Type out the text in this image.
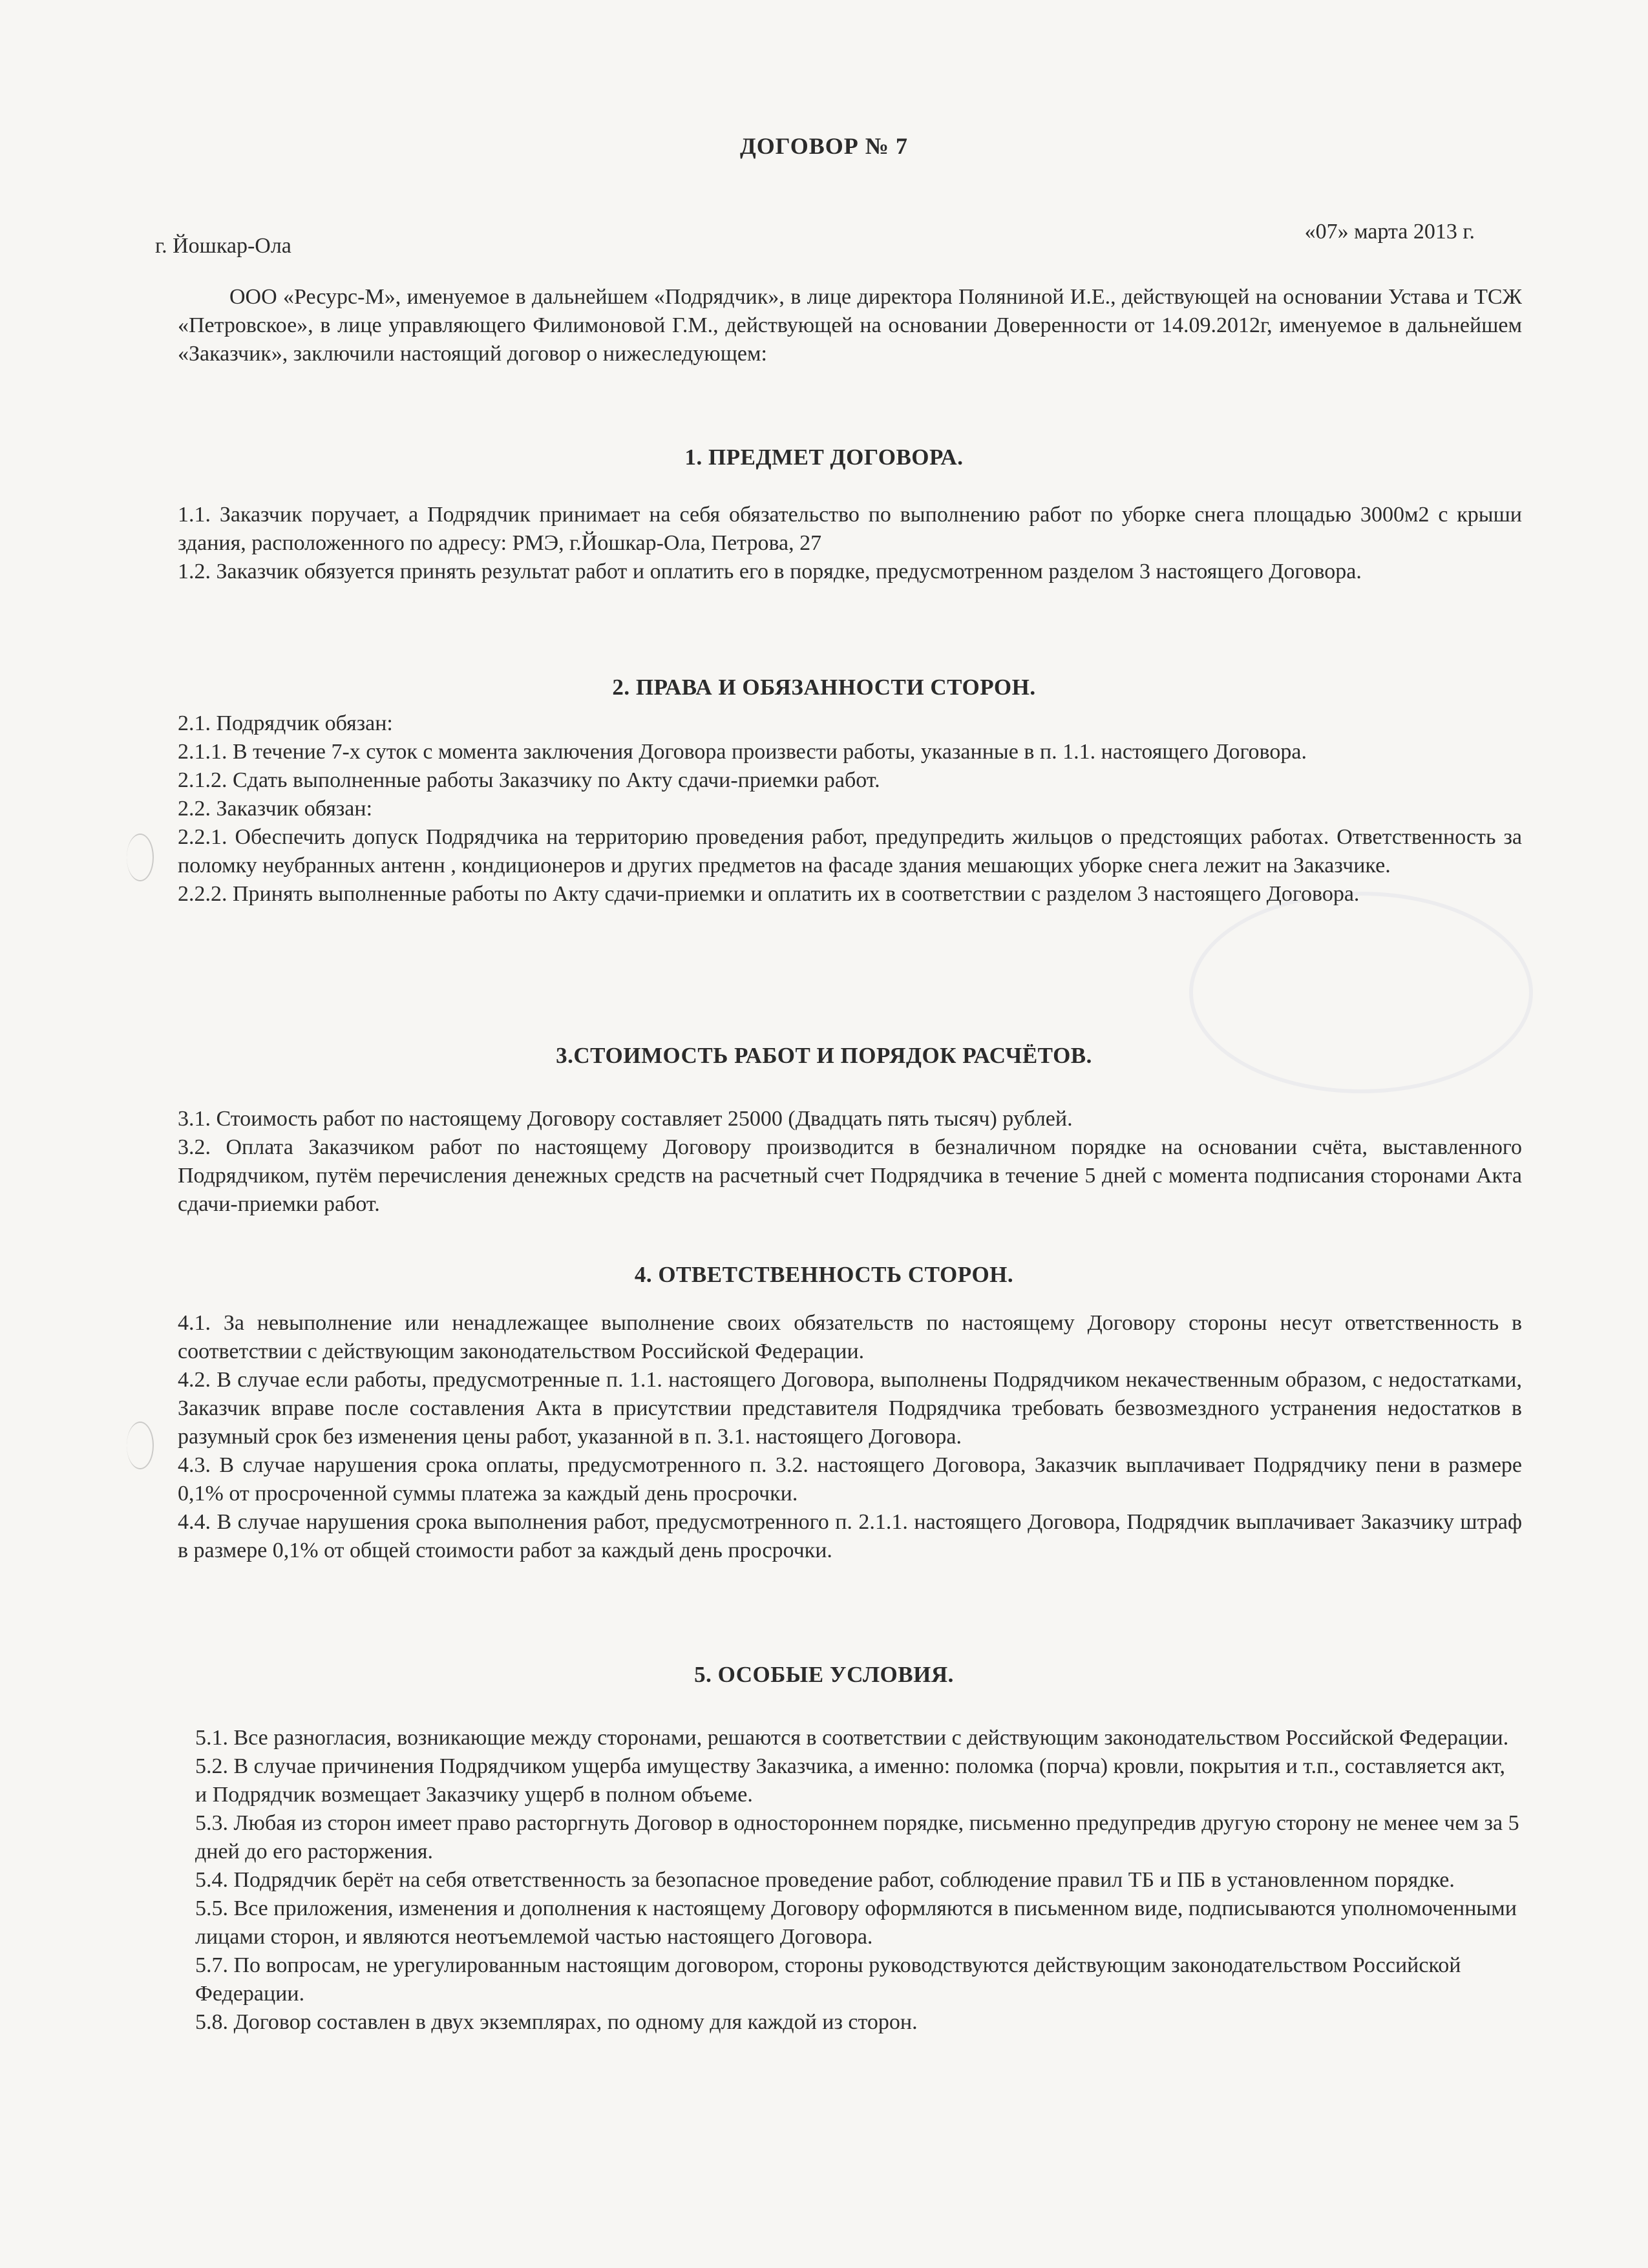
ДОГОВОР № 7
«07» марта 2013 г.
г. Йошкар-Ола

ООО «Ресурс-М», именуемое в дальнейшем «Подрядчик», в лице директора Поляниной И.Е., действующей на основании Устава и ТСЖ «Петровское», в лице управляющего Филимоновой Г.М., действующей на основании Доверенности от 14.09.2012г, именуемое в дальнейшем «Заказчик», заключили настоящий договор о нижеследующем:

1. ПРЕДМЕТ ДОГОВОРА.

1.1. Заказчик поручает, а Подрядчик принимает на себя обязательство по выполнению работ по уборке снега площадью 3000м2 с крыши здания, расположенного по адресу: РМЭ, г.Йошкар-Ола, Петрова, 27

1.2. Заказчик обязуется принять результат работ и оплатить его в порядке, предусмотренном разделом 3 настоящего Договора.

2. ПРАВА И ОБЯЗАННОСТИ СТОРОН.

2.1. Подрядчик обязан:

2.1.1. В течение 7-х суток с момента заключения Договора произвести работы, указанные в п. 1.1. настоящего Договора.

2.1.2. Сдать выполненные работы Заказчику по Акту сдачи-приемки работ.

2.2. Заказчик обязан:

2.2.1. Обеспечить допуск Подрядчика на территорию проведения работ, предупредить жильцов о предстоящих работах. Ответственность за поломку неубранных антенн , кондиционеров и других предметов на фасаде здания мешающих уборке снега лежит на Заказчике.

2.2.2. Принять выполненные работы по Акту сдачи-приемки и оплатить их в соответствии с разделом 3 настоящего Договора.

3.СТОИМОСТЬ РАБОТ И ПОРЯДОК РАСЧЁТОВ.

3.1. Стоимость работ по настоящему Договору составляет 25000 (Двадцать пять тысяч) рублей.

3.2. Оплата Заказчиком работ по настоящему Договору производится в безналичном порядке на основании счёта, выставленного Подрядчиком, путём перечисления денежных средств на расчетный счет Подрядчика в течение 5 дней с момента подписания сторонами Акта сдачи-приемки работ.

4. ОТВЕТСТВЕННОСТЬ СТОРОН.

4.1. За невыполнение или ненадлежащее выполнение своих обязательств по настоящему Договору стороны несут ответственность в соответствии с действующим законодательством Российской Федерации.

4.2. В случае если работы, предусмотренные п. 1.1. настоящего Договора, выполнены Подрядчиком некачественным образом, с недостатками, Заказчик вправе после составления Акта в присутствии представителя Подрядчика требовать безвозмездного устранения недостатков в разумный срок без изменения цены работ, указанной в п. 3.1. настоящего Договора.

4.3. В случае нарушения срока оплаты, предусмотренного п. 3.2. настоящего Договора, Заказчик выплачивает Подрядчику пени в размере 0,1% от просроченной суммы платежа за каждый день просрочки.

4.4. В случае нарушения срока выполнения работ, предусмотренного п. 2.1.1. настоящего Договора, Подрядчик выплачивает Заказчику штраф в размере 0,1% от общей стоимости работ за каждый день просрочки.

5. ОСОБЫЕ УСЛОВИЯ.

5.1. Все разногласия, возникающие между сторонами, решаются в соответствии с действующим законодательством Российской Федерации.

5.2. В случае причинения Подрядчиком ущерба имуществу Заказчика, а именно: поломка (порча) кровли, покрытия и т.п., составляется акт, и Подрядчик возмещает Заказчику ущерб в полном объеме.

5.3. Любая из сторон имеет право расторгнуть Договор в одностороннем порядке, письменно предупредив другую сторону не менее чем за 5 дней до его расторжения.

5.4. Подрядчик берёт на себя ответственность за безопасное проведение работ, соблюдение правил ТБ и ПБ в установленном порядке.

5.5. Все приложения, изменения и дополнения к настоящему Договору оформляются в письменном виде, подписываются уполномоченными лицами сторон, и являются неотъемлемой частью настоящего Договора.

5.7. По вопросам, не урегулированным настоящим договором, стороны руководствуются действующим законодательством Российской Федерации.

5.8. Договор составлен в двух экземплярах, по одному для каждой из сторон.
